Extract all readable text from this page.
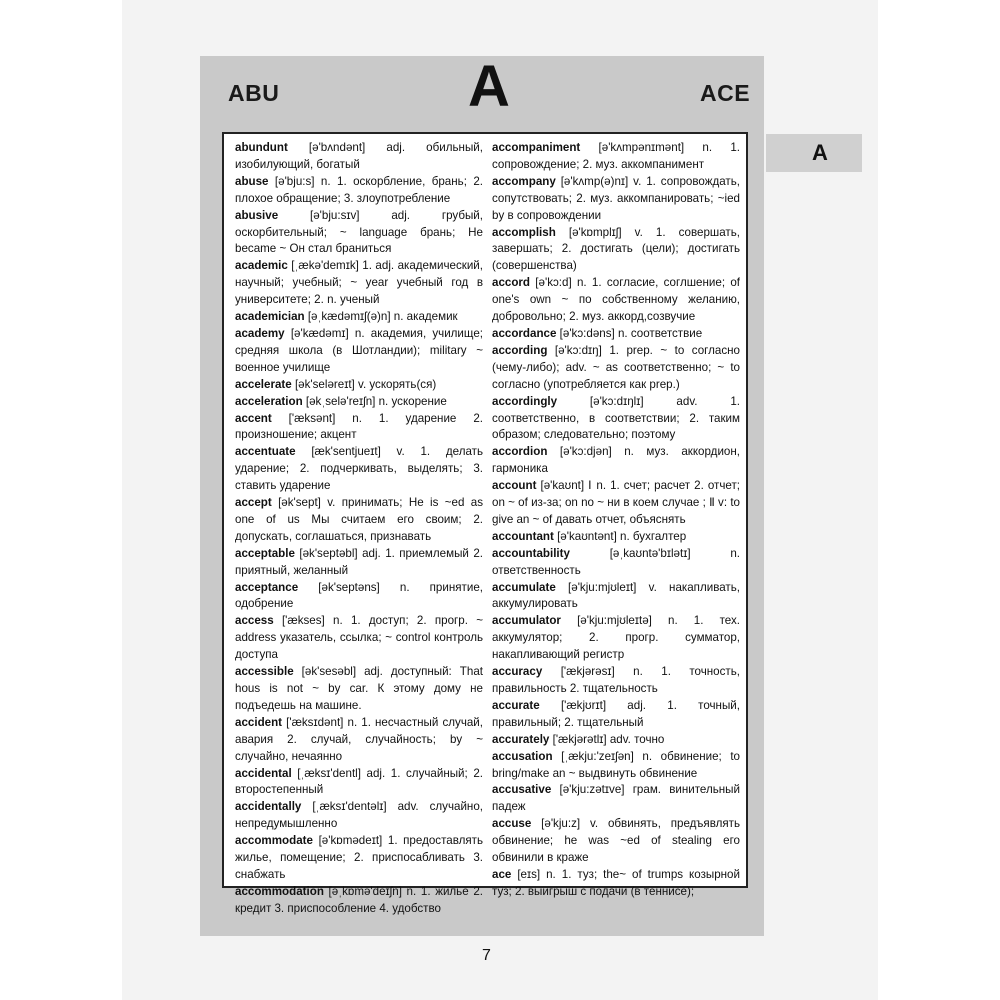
ABU	A	ACE
A

abundunt [ə'bʌndənt] adj. обильный, изобилующий, богатый

abuse [ə'bju:s] n. 1. оскорбление, брань; 2. плохое обращение; 3. злоупотребление

abusive [ə'bju:sɪv] adj. грубый, оскорбительный; ~ language брань; He became ~ Он стал браниться

academic [ˌækə'demɪk] 1. adj. академический, научный; учебный; ~ year учебный год в университете; 2. n. ученый

academician [əˌkædəmɪʃ(ə)n] n. академик

academy [ə'kædəmɪ] n. академия, училище; средняя школа (в Шотландии); military ~ военное училище

accelerate [ək'seləreɪt] v. ускорять(ся)

acceleration [əkˌselə'reɪʃn] n. ускорение

accent ['æksənt] n. 1. ударение 2. произношение; акцент

accentuate [æk'sentjueɪt] v. 1. делать ударение; 2. подчеркивать, выделять; 3. ставить ударение

accept [ək'sept] v. принимать; He is ~ed as one of us Мы считаем его своим; 2. допускать, соглашаться, признавать

acceptable [ək'septəbl] adj. 1. приемлемый 2. приятный, желанный

acceptance [ək'septəns] n. принятие, одобрение

access ['ækses] n. 1. доступ; 2. прогр. ~ address указатель, ссылка; ~ control контроль доступа

accessible [ək'sesəbl] adj. доступный: That hous is not ~ by car. К этому дому не подъедешь на машине.

accident ['æksɪdənt] n. 1. несчастный случай, авария 2. случай, случайность; by ~ случайно, нечаянно

accidental [ˌæksɪ'dentl] adj. 1. случайный; 2. второстепенный

accidentally [ˌæksɪ'dentəlɪ] adv. случайно, непредумышленно

accommodate [ə'kɒmədeɪt] 1. предоставлять жилье, помещение; 2. приспосабливать 3. снабжать

accommodation [əˌkɒmə'deɪʃn] n. 1. жилье 2. кредит 3. приспособление 4. удобство

accompaniment [ə'kʌmpənɪmənt] n. 1. сопровождение; 2. муз. аккомпанимент

accompany [ə'kʌmp(ə)nɪ] v. 1. сопровождать, сопутствовать; 2. муз. аккомпанировать; ~ied by в сопровождении

accomplish [ə'kɒmplɪʃ] v. 1. совершать, завершать; 2. достигать (цели); достигать (совершенства)

accord [ə'kɔ:d] n. 1. согласие, соглшение; of one's own ~ по собственному желанию, добровольно; 2. муз. аккорд,созвучие

accordance [ə'kɔ:dəns] n. соответствие

according [ə'kɔ:dɪŋ] 1. prep. ~ to согласно (чему-либо); adv. ~ as соответственно; ~ to согласно (употребляется как prep.)

accordingly [ə'kɔ:dɪŋlɪ] adv. 1. соответственно, в соответствии; 2. таким образом; следовательно; поэтому

accordion [ə'kɔ:djən] n. муз. аккордион, гармоника

account [ə'kaʊnt] Ⅰ n. 1. счет; расчет 2. отчет; on ~ of из-за; on no ~ ни в коем случае ; Ⅱ v: to give an ~ of давать отчет, объяснять

accountant [ə'kaʊntənt] n. бухгалтер

accountability [əˌkaʊntə'bɪlətɪ] n. ответственность

accumulate [ə'kju:mjʊleɪt] v. накапливать, аккумулировать

accumulator [ə'kju:mjʊleɪtə] n. 1. тех. аккумулятор; 2. прогр. сумматор, накапливающий регистр

accuracy ['ækjərəsɪ] n. 1. точность, правильность 2. тщательность

accurate ['ækjʊrɪt] adj. 1. точный, правильный; 2. тщательный

accurately ['ækjərətlɪ] adv. точно

accusation [ˌækju:'zeɪʃən] n. обвинение; to bring/make an ~ выдвинуть обвинение

accusative [ə'kju:zətɪve] грам. винительный падеж

accuse [ə'kju:z] v. обвинять, предъявлять обвинение; he was ~ed of stealing его обвинили в краже

ace [eɪs] n. 1. туз; the~ of trumps козырной туз; 2. выигрыш с подачи (в теннисе);

7
